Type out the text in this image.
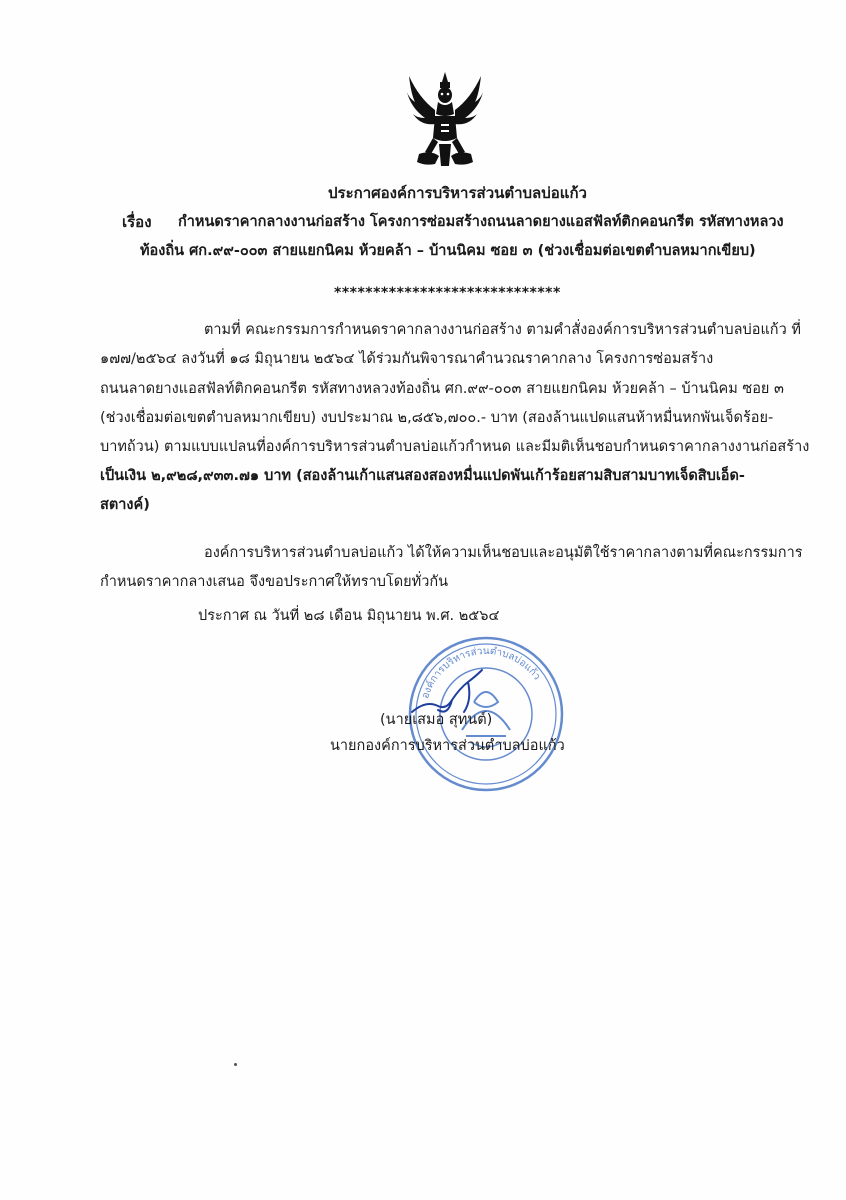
ประกาศองค์การบริหารส่วนตำบลบ่อแก้ว
เรื่อง กำหนดราคากลางงานก่อสร้าง โครงการซ่อมสร้างถนนลาดยางแอสฟัลท์ติกคอนกรีต รหัสทางหลวง
ท้องถิ่น ศก.๙๙-๐๐๓ สายแยกนิคม ห้วยคล้า – บ้านนิคม ซอย ๓ (ช่วงเชื่อมต่อเขตตำบลหมากเขียบ)
*****************************
ตามที่ คณะกรรมการกำหนดราคากลางงานก่อสร้าง ตามคำสั่งองค์การบริหารส่วนตำบลบ่อแก้ว ที่
๑๗๗/๒๕๖๔ ลงวันที่ ๑๘ มิถุนายน ๒๕๖๔ ได้ร่วมกันพิจารณาคำนวณราคากลาง โครงการซ่อมสร้าง
ถนนลาดยางแอสฟัลท์ติกคอนกรีต รหัสทางหลวงท้องถิ่น ศก.๙๙-๐๐๓ สายแยกนิคม ห้วยคล้า – บ้านนิคม ซอย ๓
(ช่วงเชื่อมต่อเขตตำบลหมากเขียบ) งบประมาณ ๒,๘๕๖,๗๐๐.- บาท (สองล้านแปดแสนห้าหมื่นหกพันเจ็ดร้อย-
บาทถ้วน) ตามแบบแปลนที่องค์การบริหารส่วนตำบลบ่อแก้วกำหนด และมีมติเห็นชอบกำหนดราคากลางงานก่อสร้าง
เป็นเงิน ๒,๙๒๘,๙๓๓.๗๑ บาท (สองล้านเก้าแสนสองสองหมื่นแปดพันเก้าร้อยสามสิบสามบาทเจ็ดสิบเอ็ด-
สตางค์)
องค์การบริหารส่วนตำบลบ่อแก้ว ได้ให้ความเห็นชอบและอนุมัติใช้ราคากลางตามที่คณะกรรมการ
กำหนดราคากลางเสนอ จึงขอประกาศให้ทราบโดยทั่วกัน
ประกาศ ณ วันที่ ๒๘ เดือน มิถุนายน พ.ศ. ๒๕๖๔
องค์การบริหารส่วนตำบลบ่อแก้ว
(นายเสมอ สุทนต์)
นายกองค์การบริหารส่วนตำบลบ่อแก้ว
